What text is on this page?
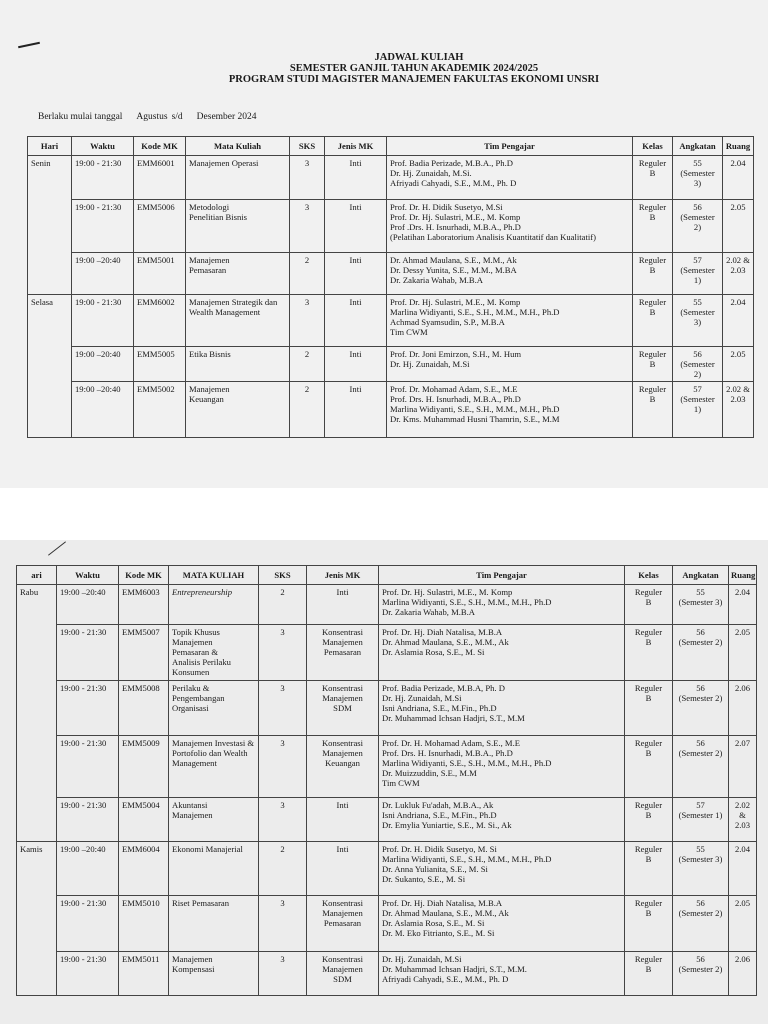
JADWAL KULIAH
SEMESTER GANJIL TAHUN AKADEMIK 2024/2025
PROGRAM STUDI MAGISTER MANAJEMEN FAKULTAS EKONOMI UNSRI
Berlaku mulai tanggal Agustus s/d Desember 2024
Hari	Waktu	Kode MK	Mata Kuliah	SKS	Jenis MK	Tim Pengajar	Kelas	Angkatan	Ruang
Senin	19:00 - 21:30	EMM6001	Manajemen Operasi	3	Inti	Prof. Badia Perizade, M.B.A., Ph.D
Dr. Hj. Zunaidah, M.Si.
Afriyadi Cahyadi, S.E., M.M., Ph. D	Reguler
B	55
(Semester 3)	2.04
	19:00 - 21:30	EMM5006	Metodologi
Penelitian Bisnis	3	Inti	Prof. Dr. H. Didik Susetyo, M.Si
Prof. Dr. Hj. Sulastri, M.E., M. Komp
Prof .Drs. H. Isnurhadi, M.B.A., Ph.D
(Pelatihan Laboratorium Analisis Kuantitatif dan Kualitatif)	Reguler
B	56
(Semester 2)	2.05
	19:00 –20:40	EMM5001	Manajemen
Pemasaran	2	Inti	Dr. Ahmad Maulana, S.E., M.M., Ak
Dr. Dessy Yunita, S.E., M.M., M.BA
Dr. Zakaria Wahab, M.B.A	Reguler
B	57
(Semester 1)	2.02 &
2.03
Selasa	19:00 - 21:30	EMM6002	Manajemen Strategik dan Wealth Management	3	Inti	Prof. Dr. Hj. Sulastri, M.E., M. Komp
Marlina Widiyanti, S.E., S.H., M.M., M.H., Ph.D
Achmad Syamsudin, S.P., M.B.A
Tim CWM	Reguler
B	55
(Semester 3)	2.04
	19:00 –20:40	EMM5005	Etika Bisnis	2	Inti	Prof. Dr. Joni Emirzon, S.H., M. Hum
Dr. Hj. Zunaidah, M.Si	Reguler
B	56
(Semester 2)	2.05
	19:00 –20:40	EMM5002	Manajemen
Keuangan	2	Inti	Prof. Dr. Mohamad Adam, S.E., M.E
Prof. Drs. H. Isnurhadi, M.B.A., Ph.D
Marlina Widiyanti, S.E., S.H., M.M., M.H., Ph.D
Dr. Kms. Muhammad Husni Thamrin, S.E., M.M	Reguler
B	57
(Semester 1)	2.02 &
2.03
ari	Waktu	Kode MK	MATA KULIAH	SKS	Jenis MK	Tim Pengajar	Kelas	Angkatan	Ruang
Rabu	19:00 –20:40	EMM6003	Entrepreneurship	2	Inti	Prof. Dr. Hj. Sulastri, M.E., M. Komp
Marlina Widiyanti, S.E., S.H., M.M., M.H., Ph.D
Dr. Zakaria Wahab, M.B.A	Reguler
B	55
(Semester 3)	2.04
	19:00 - 21:30	EMM5007	Topik Khusus
Manajemen
Pemasaran &
Analisis Perilaku
Konsumen	3	Konsentrasi
Manajemen
Pemasaran	Prof. Dr. Hj. Diah Natalisa, M.B.A
Dr. Ahmad Maulana, S.E., M.M., Ak
Dr. Aslamia Rosa, S.E., M. Si	Reguler
B	56
(Semester 2)	2.05
	19:00 - 21:30	EMM5008	Perilaku &
Pengembangan
Organisasi	3	Konsentrasi
Manajemen
SDM	Prof. Badia Perizade, M.B.A, Ph. D
Dr. Hj. Zunaidah, M.Si
Isni Andriana, S.E., M.Fin., Ph.D
Dr. Muhammad Ichsan Hadjri, S.T., M.M	Reguler
B	56
(Semester 2)	2.06
	19:00 - 21:30	EMM5009	Manajemen Investasi & Portofolio dan Wealth Management	3	Konsentrasi
Manajemen
Keuangan	Prof. Dr. H. Mohamad Adam, S.E., M.E
Prof. Drs. H. Isnurhadi, M.B.A., Ph.D
Marlina Widiyanti, S.E., S.H., M.M., M.H., Ph.D
Dr. Muizzuddin, S.E., M.M
Tim CWM	Reguler
B	56
(Semester 2)	2.07
	19:00 - 21:30	EMM5004	Akuntansi
Manajemen	3	Inti	Dr. Lukluk Fu'adah, M.B.A., Ak
Isni Andriana, S.E., M.Fin., Ph.D
Dr. Emylia Yuniartie, S.E., M. Si., Ak	Reguler
B	57
(Semester 1)	2.02 &
2.03
Kamis	19:00 –20:40	EMM6004	Ekonomi Manajerial	2	Inti	Prof. Dr. H. Didik Susetyo, M. Si
Marlina Widiyanti, S.E., S.H., M.M., M.H., Ph.D
Dr. Anna Yulianita, S.E., M. Si
Dr. Sukanto, S.E., M. Si	Reguler
B	55
(Semester 3)	2.04
	19:00 - 21:30	EMM5010	Riset Pemasaran	3	Konsentrasi
Manajemen
Pemasaran	Prof. Dr. Hj. Diah Natalisa, M.B.A
Dr. Ahmad Maulana, S.E., M.M., Ak
Dr. Aslamia Rosa, S.E., M. Si
Dr. M. Eko Fitrianto, S.E., M. Si	Reguler
B	56
(Semester 2)	2.05
	19:00 - 21:30	EMM5011	Manajemen
Kompensasi	3	Konsentrasi
Manajemen
SDM	Dr. Hj. Zunaidah, M.Si
Dr. Muhammad Ichsan Hadjri, S.T., M.M.
Afriyadi Cahyadi, S.E., M.M., Ph. D	Reguler
B	56
(Semester 2)	2.06
